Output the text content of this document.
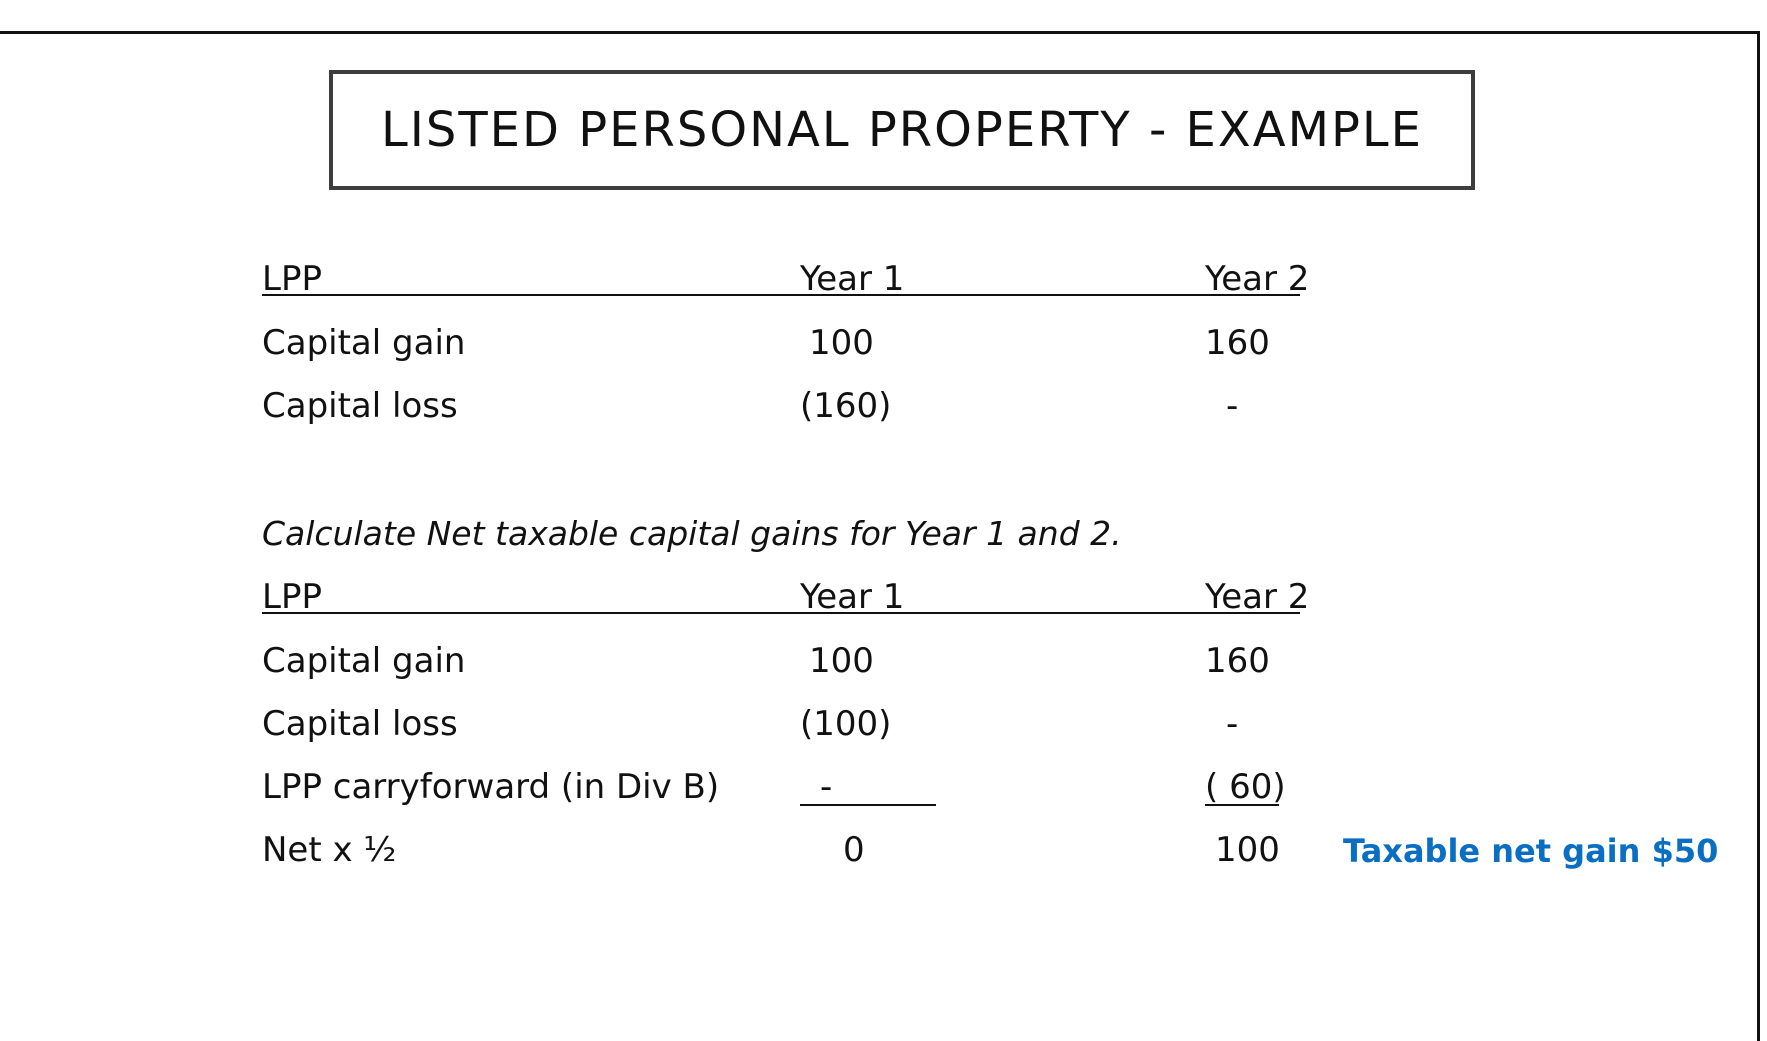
LISTED PERSONAL PROPERTY - EXAMPLE
LPP	Year 1	Year 2
Capital gain	100	160
Capital loss	(160)	-
Calculate Net taxable capital gains for Year 1 and 2.
LPP	Year 1	Year 2
Capital gain	100	160
Capital loss	(100)	-
LPP carryforward (in Div B)	-	( 60)
Net x ½	0	100 Taxable net gain $50
